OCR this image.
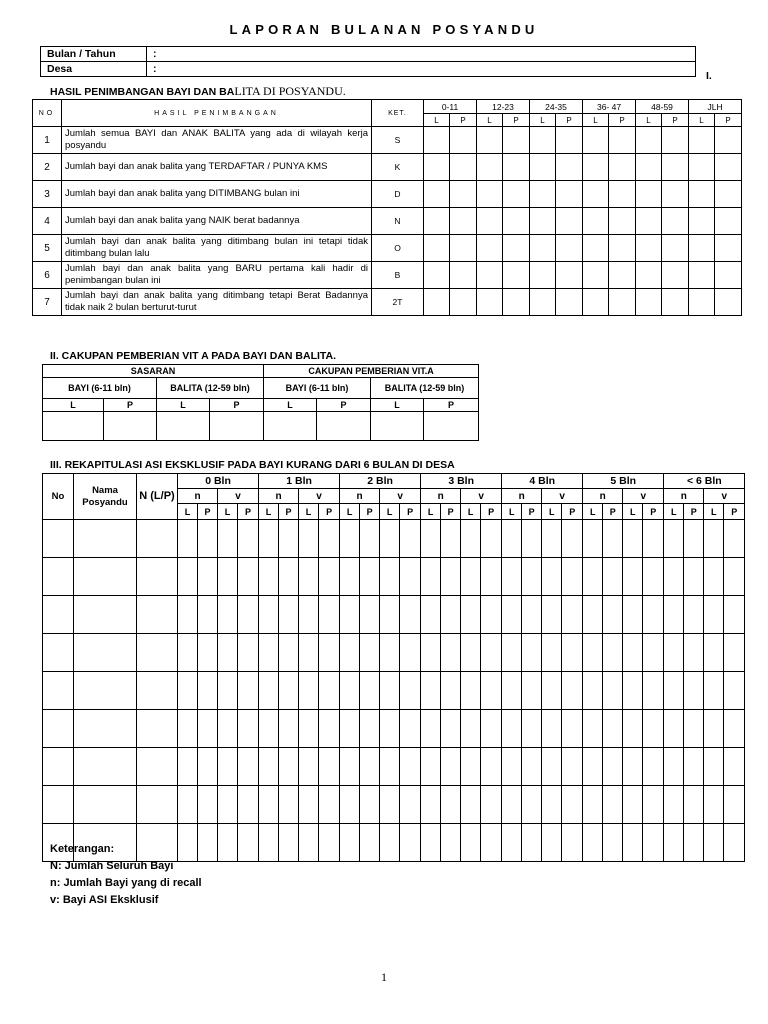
LAPORAN BULANAN POSYANDU
Bulan / Tahun	:
Desa	:
I.
HASIL PENIMBANGAN BAYI DAN BALITA DI POSYANDU.
NO	HASIL PENIMBANGAN	KET.	0-11		12-23		24-35		36- 47		48-59		JLH	
			L	P	L	P	L	P	L	P	L	P	L	P
1	Jumlah semua BAYI dan ANAK BALITA yang ada di wilayah kerja posyandu	S												
2	Jumlah bayi dan anak balita yang TERDAFTAR / PUNYA KMS	K												
3	Jumlah bayi dan anak balita yang DITIMBANG bulan ini	D												
4	Jumlah bayi dan anak balita yang NAIK berat badannya	N												
5	Jumlah bayi dan anak balita yang ditimbang bulan ini tetapi tidak ditimbang bulan lalu	O												
6	Jumlah bayi dan anak balita yang BARU pertama kali hadir di penimbangan bulan ini	B												
7	Jumlah bayi dan anak balita yang ditimbang tetapi Berat Badannya tidak naik 2 bulan berturut-turut	2T												
II. CAKUPAN PEMBERIAN VIT A PADA BAYI DAN BALITA.
SASARAN				CAKUPAN PEMBERIAN VIT.A			
BAYI (6-11 bln)		BALITA (12-59 bln)		BAYI (6-11 bln)		BALITA (12-59 bln)	
L	P	L	P	L	P	L	P

III. REKAPITULASI ASI EKSKLUSIF PADA BAYI KURANG DARI 6 BULAN DI DESA
No	Nama Posyandu	N (L/P)	0 Bln				1 Bln				2 Bln				3 Bln				4 Bln				5 Bln				< 6 Bln			
			n		v		n		v		n		v		n		v		n		v		n		v		n		v	
			L	P	L	P	L	P	L	P	L	P	L	P	L	P	L	P	L	P	L	P	L	P	L	P	L	P	L	P

Keterangan:
N: Jumlah Seluruh Bayi
n: Jumlah Bayi yang di recall
v: Bayi ASI Eksklusif
1
